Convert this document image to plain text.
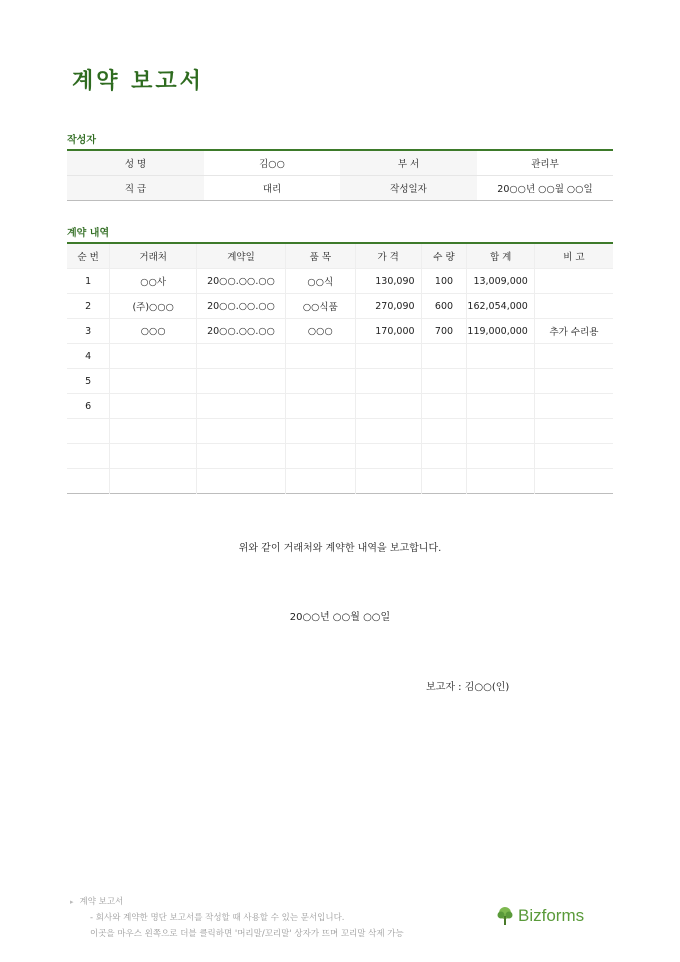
계약 보고서
작성자
성 명	김○○	부 서	관리부
직 급	대리	작성일자	20○○년 ○○월 ○○일
계약 내역
순 번	거래처	계약일	품 목	가 격	수 량	합 계	비 고
1	○○사	20○○.○○.○○	○○식	130,090	100	13,009,000	
2	(주)○○○	20○○.○○.○○	○○식품	270,090	600	162,054,000	
3	○○○	20○○.○○.○○	○○○	170,000	700	119,000,000	추가 수리용
4							
5							
6							

위와 같이 거래처와 계약한 내역을 보고합니다.
20○○년 ○○월 ○○일
보고자 : 김○○(인)
▸ 계약 보고서
- 회사와 계약한 명단 보고서를 작성할 때 사용할 수 있는 문서입니다.
이곳을 마우스 왼쪽으로 더블 클릭하면 '머리말/꼬리말' 상자가 뜨며 꼬리말 삭제 가능
Bizforms
